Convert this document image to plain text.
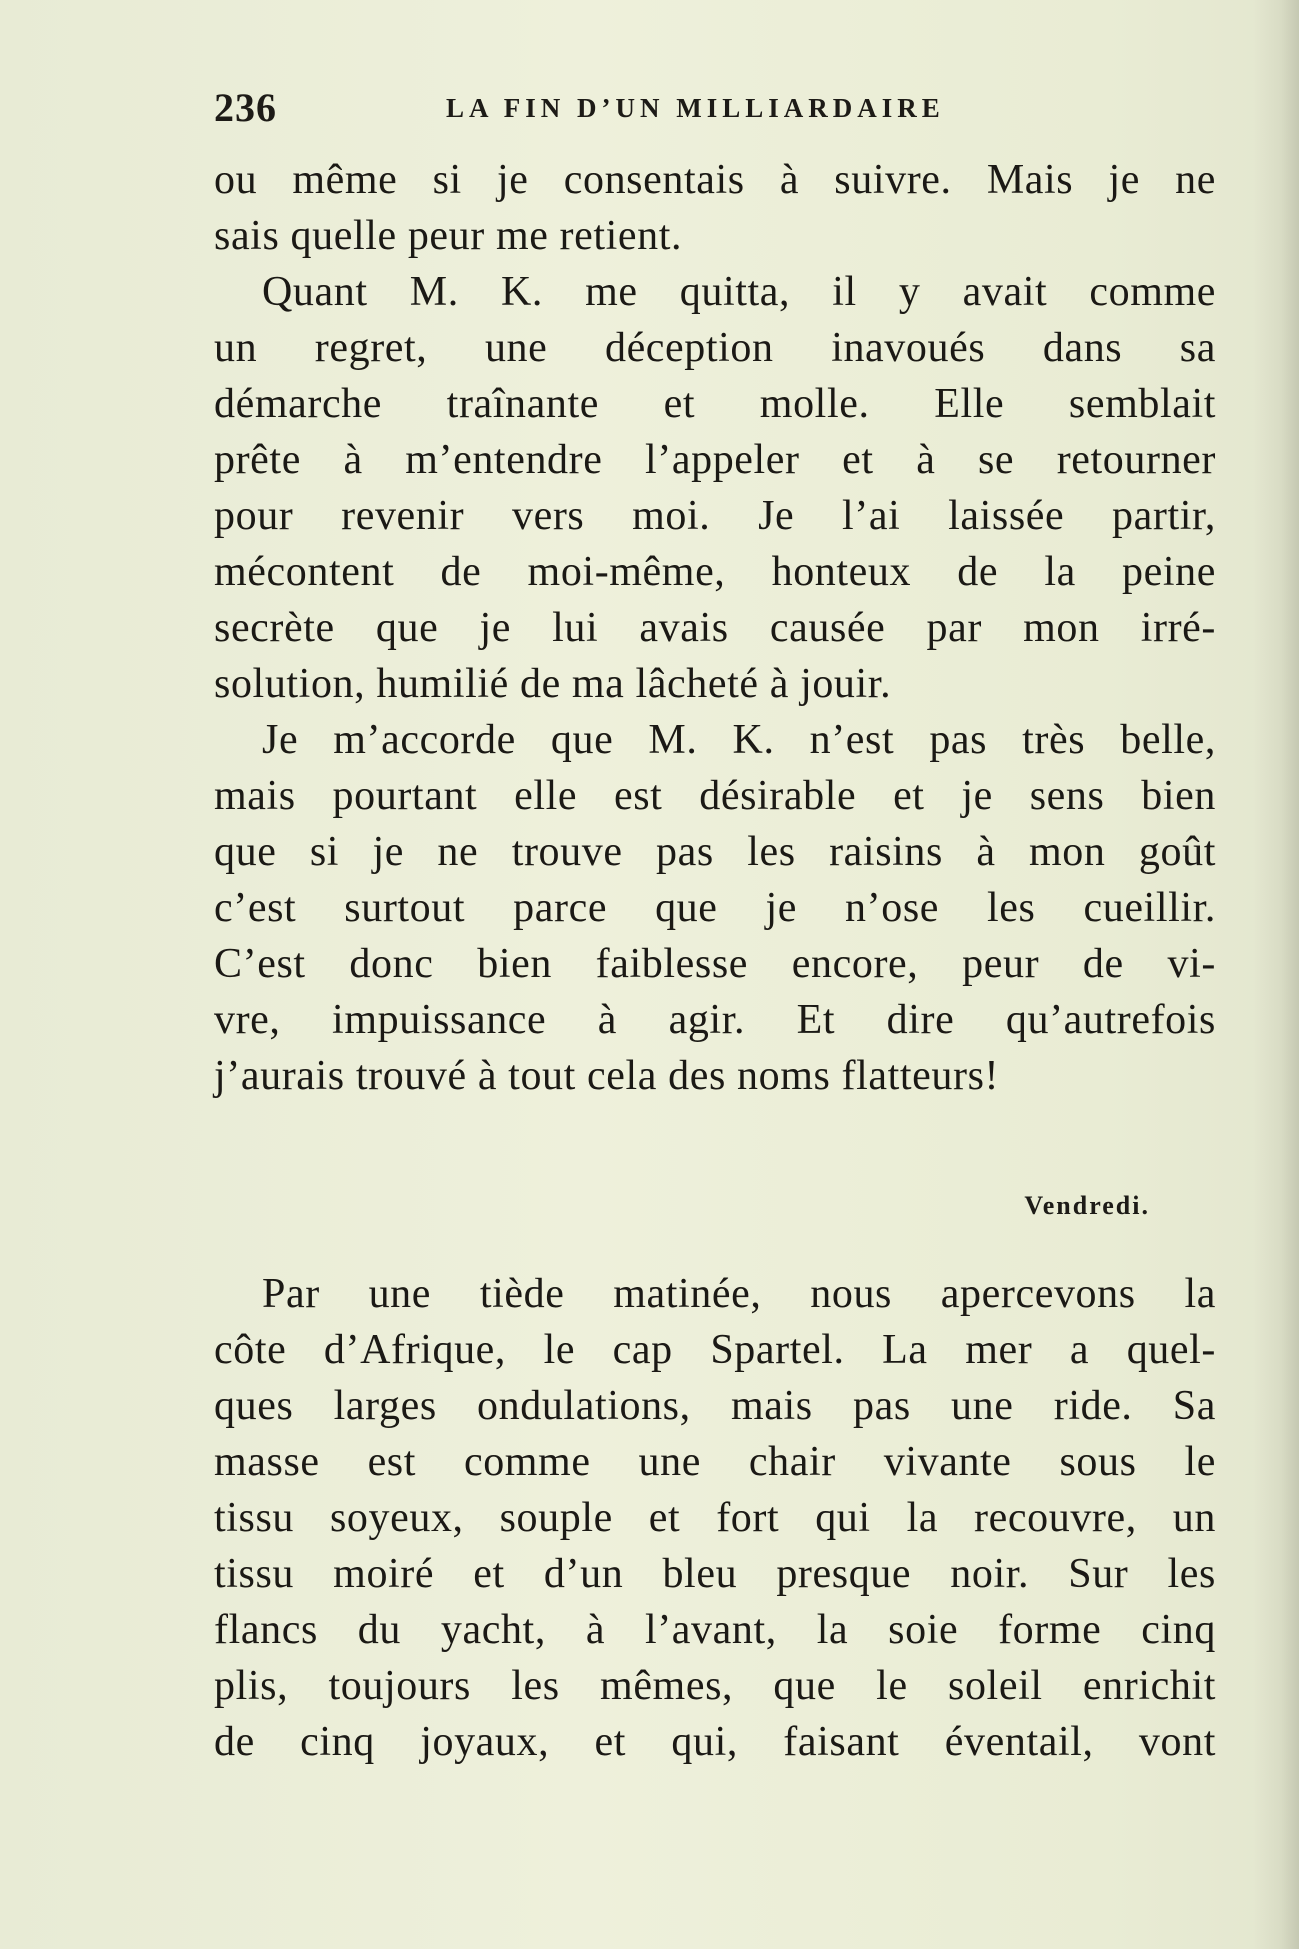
236	LA FIN D’UN MILLIARDAIRE
ou même si je consentais à suivre. Mais je ne
sais quelle peur me retient.
Quant M. K. me quitta, il y avait comme
un regret, une déception inavoués dans sa
démarche traînante et molle. Elle semblait
prête à m’entendre l’appeler et à se retourner
pour revenir vers moi. Je l’ai laissée partir,
mécontent de moi-même, honteux de la peine
secrète que je lui avais causée par mon irré-
solution, humilié de ma lâcheté à jouir.
Je m’accorde que M. K. n’est pas très belle,
mais pourtant elle est désirable et je sens bien
que si je ne trouve pas les raisins à mon goût
c’est surtout parce que je n’ose les cueillir.
C’est donc bien faiblesse encore, peur de vi-
vre, impuissance à agir. Et dire qu’autrefois
j’aurais trouvé à tout cela des noms flatteurs!
Vendredi.
Par une tiède matinée, nous apercevons la
côte d’Afrique, le cap Spartel. La mer a quel-
ques larges ondulations, mais pas une ride. Sa
masse est comme une chair vivante sous le
tissu soyeux, souple et fort qui la recouvre, un
tissu moiré et d’un bleu presque noir. Sur les
flancs du yacht, à l’avant, la soie forme cinq
plis, toujours les mêmes, que le soleil enrichit
de cinq joyaux, et qui, faisant éventail, vont
